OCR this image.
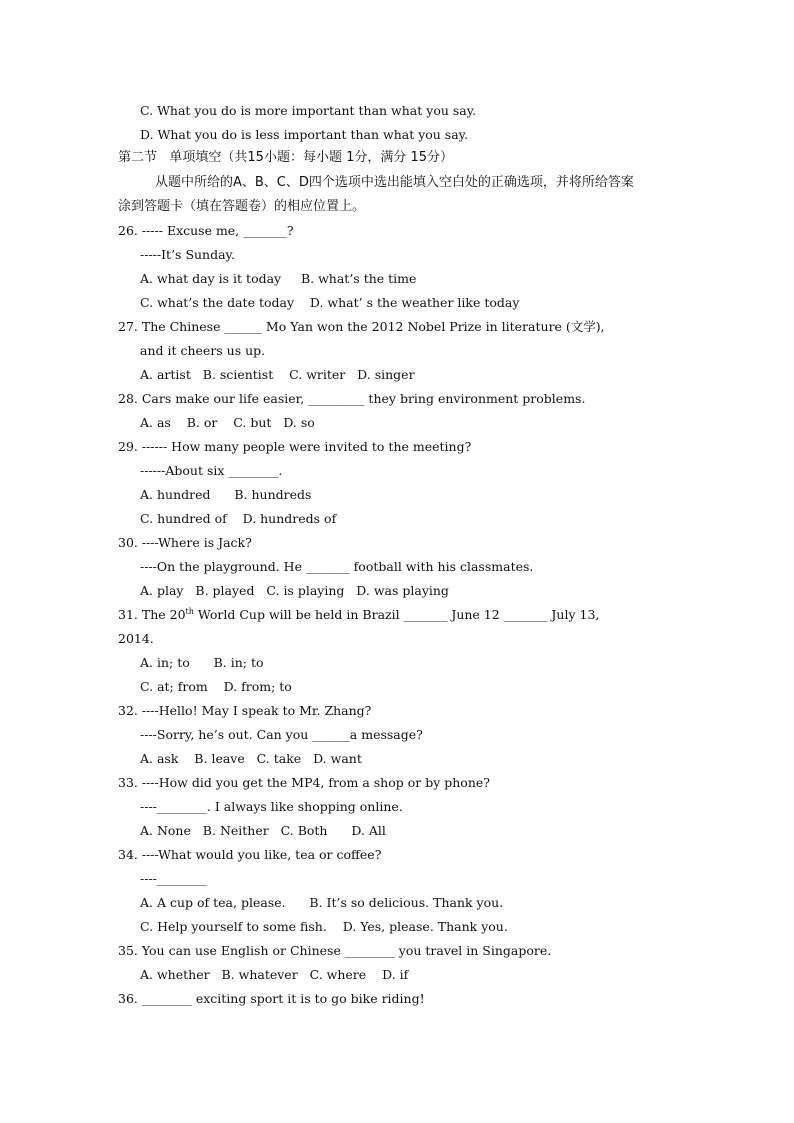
C. What you do is more important than what you say.
D. What you do is less important than what you say.
第二节   单项填空（共15小题：每小题 1分，满分 15分）
从题中所给的A、B、C、D四个选项中选出能填入空白处的正确选项，并将所给答案
涂到答题卡（填在答题卷）的相应位置上。
26. ----- Excuse me, _______?
-----It’s Sunday.
A. what day is it today     B. what’s the time
C. what’s the date today    D. what’ s the weather like today
27. The Chinese ______ Mo Yan won the 2012 Nobel Prize in literature (文学),
and it cheers us up.
A. artist   B. scientist    C. writer   D. singer
28. Cars make our life easier, _________ they bring environment problems.
A. as    B. or    C. but   D. so
29. ------ How many people were invited to the meeting?
------About six ________.
A. hundred      B. hundreds
C. hundred of    D. hundreds of
30. ----Where is Jack?
----On the playground. He _______ football with his classmates.
A. play   B. played   C. is playing   D. was playing
31. The 20th World Cup will be held in Brazil _______ June 12 _______ July 13,
2014.
A. in; to      B. in; to
C. at; from    D. from; to
32. ----Hello! May I speak to Mr. Zhang?
----Sorry, he’s out. Can you ______a message?
A. ask    B. leave   C. take   D. want
33. ----How did you get the MP4, from a shop or by phone?
----________. I always like shopping online.
A. None   B. Neither   C. Both      D. All
34. ----What would you like, tea or coffee?
----________
A. A cup of tea, please.      B. It’s so delicious. Thank you.
C. Help yourself to some fish.    D. Yes, please. Thank you.
35. You can use English or Chinese ________ you travel in Singapore.
A. whether   B. whatever   C. where    D. if
36. ________ exciting sport it is to go bike riding!
